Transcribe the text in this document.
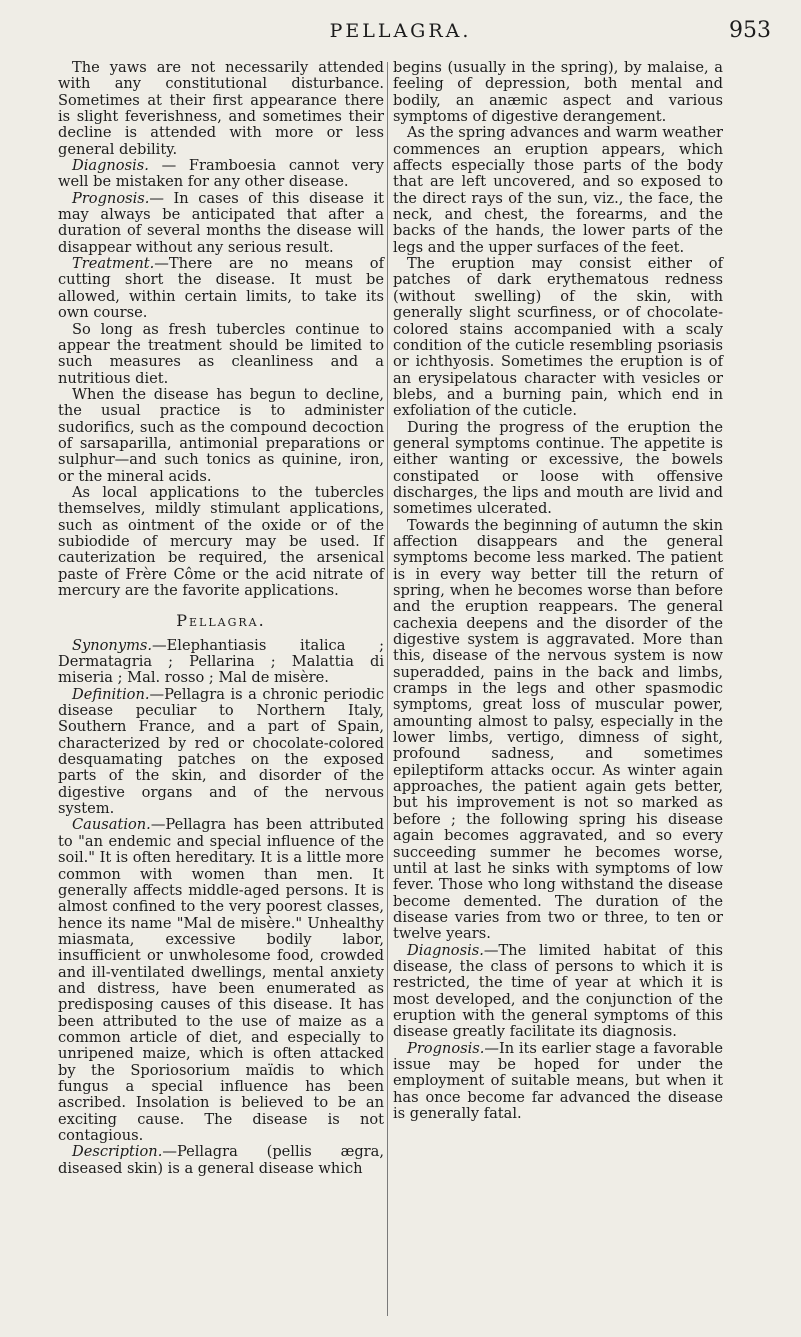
PELLAGRA.	953

The yaws are not necessarily attended with any constitutional disturbance. Sometimes at their first appearance there is slight feverishness, and sometimes their decline is attended with more or less general debility.

Diagnosis. — Framboesia cannot very well be mistaken for any other disease.

Prognosis.— In cases of this disease it may always be anticipated that after a duration of several months the disease will disappear without any serious result.

Treatment.—There are no means of cutting short the disease. It must be allowed, within certain limits, to take its own course.

So long as fresh tubercles continue to appear the treatment should be limited to such measures as cleanliness and a nutritious diet.

When the disease has begun to decline, the usual practice is to administer sudorifics, such as the compound decoction of sarsaparilla, antimonial preparations or sulphur—and such tonics as quinine, iron, or the mineral acids.

As local applications to the tubercles themselves, mildly stimulant applications, such as ointment of the oxide or of the subiodide of mercury may be used. If cauterization be required, the arsenical paste of Frère Côme or the acid nitrate of mercury are the favorite applications.

Pellagra.

Synonyms.—Elephantiasis italica ; Dermatagria ; Pellarina ; Malattia di miseria ; Mal. rosso ; Mal de misère.

Definition.—Pellagra is a chronic periodic disease peculiar to Northern Italy, Southern France, and a part of Spain, characterized by red or chocolate-colored desquamating patches on the exposed parts of the skin, and disorder of the digestive organs and of the nervous system.

Causation.—Pellagra has been attributed to "an endemic and special influence of the soil." It is often hereditary. It is a little more common with women than men. It generally affects middle-aged persons. It is almost confined to the very poorest classes, hence its name "Mal de misère." Unhealthy miasmata, excessive bodily labor, insufficient or unwholesome food, crowded and ill-ventilated dwellings, mental anxiety and distress, have been enumerated as predisposing causes of this disease. It has been attributed to the use of maize as a common article of diet, and especially to unripened maize, which is often attacked by the Sporiosorium maïdis to which fungus a special influence has been ascribed. Insolation is believed to be an exciting cause. The disease is not contagious.

Description.—Pellagra (pellis ægra, diseased skin) is a general disease which

begins (usually in the spring), by malaise, a feeling of depression, both mental and bodily, an anæmic aspect and various symptoms of digestive derangement.

As the spring advances and warm weather commences an eruption appears, which affects especially those parts of the body that are left uncovered, and so exposed to the direct rays of the sun, viz., the face, the neck, and chest, the forearms, and the backs of the hands, the lower parts of the legs and the upper surfaces of the feet.

The eruption may consist either of patches of dark erythematous redness (without swelling) of the skin, with generally slight scurfiness, or of chocolate-colored stains accompanied with a scaly condition of the cuticle resembling psoriasis or ichthyosis. Sometimes the eruption is of an erysipelatous character with vesicles or blebs, and a burning pain, which end in exfoliation of the cuticle.

During the progress of the eruption the general symptoms continue. The appetite is either wanting or excessive, the bowels constipated or loose with offensive discharges, the lips and mouth are livid and sometimes ulcerated.

Towards the beginning of autumn the skin affection disappears and the general symptoms become less marked. The patient is in every way better till the return of spring, when he becomes worse than before and the eruption reappears. The general cachexia deepens and the disorder of the digestive system is aggravated. More than this, disease of the nervous system is now superadded, pains in the back and limbs, cramps in the legs and other spasmodic symptoms, great loss of muscular power, amounting almost to palsy, especially in the lower limbs, vertigo, dimness of sight, profound sadness, and sometimes epileptiform attacks occur. As winter again approaches, the patient again gets better, but his improvement is not so marked as before ; the following spring his disease again becomes aggravated, and so every succeeding summer he becomes worse, until at last he sinks with symptoms of low fever. Those who long withstand the disease become demented. The duration of the disease varies from two or three, to ten or twelve years.

Diagnosis.—The limited habitat of this disease, the class of persons to which it is restricted, the time of year at which it is most developed, and the conjunction of the eruption with the general symptoms of this disease greatly facilitate its diagnosis.

Prognosis.—In its earlier stage a favorable issue may be hoped for under the employment of suitable means, but when it has once become far advanced the disease is generally fatal.
